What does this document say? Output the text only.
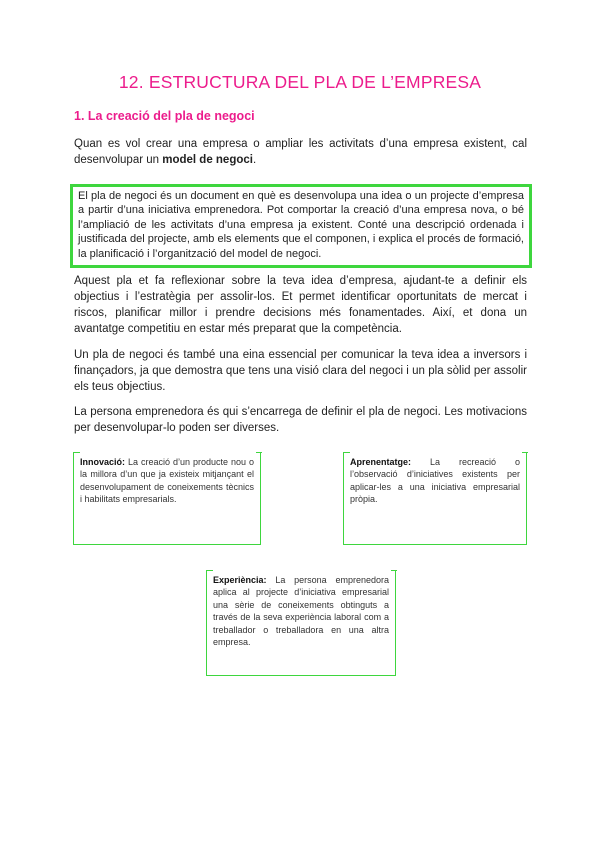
12. ESTRUCTURA DEL PLA DE L’EMPRESA
1. La creació del pla de negoci
Quan es vol crear una empresa o ampliar les activitats d’una empresa existent, cal desenvolupar un model de negoci.
El pla de negoci és un document en què es desenvolupa una idea o un projecte d’empresa a partir d’una iniciativa emprenedora. Pot comportar la creació d’una empresa nova, o bé l’ampliació de les activitats d’una empresa ja existent. Conté una descripció ordenada i justificada del projecte, amb els elements que el componen, i explica el procés de formació, la planificació i l’organització del model de negoci.
Aquest pla et fa reflexionar sobre la teva idea d’empresa, ajudant-te a definir els objectius i l’estratègia per assolir-los. Et permet identificar oportunitats de mercat i riscos, planificar millor i prendre decisions més fonamentades. Així, et dona un avantatge competitiu en estar més preparat que la competència.
Un pla de negoci és també una eina essencial per comunicar la teva idea a inversors i finançadors, ja que demostra que tens una visió clara del negoci i un pla sòlid per assolir els teus objectius.
La persona emprenedora és qui s’encarrega de definir el pla de negoci. Les motivacions per desenvolupar-lo poden ser diverses.
Innovació: La creació d’un producte nou o la millora d’un que ja existeix mitjançant el desenvolupament de coneixements tècnics i habilitats empresarials.
Aprenentatge: La recreació o l’observació d’iniciatives existents per aplicar-les a una iniciativa empresarial pròpia.
Experiència: La persona emprenedora aplica al projecte d’iniciativa empresarial una sèrie de coneixements obtinguts a través de la seva experiència laboral com a treballador o treballadora en una altra empresa.
